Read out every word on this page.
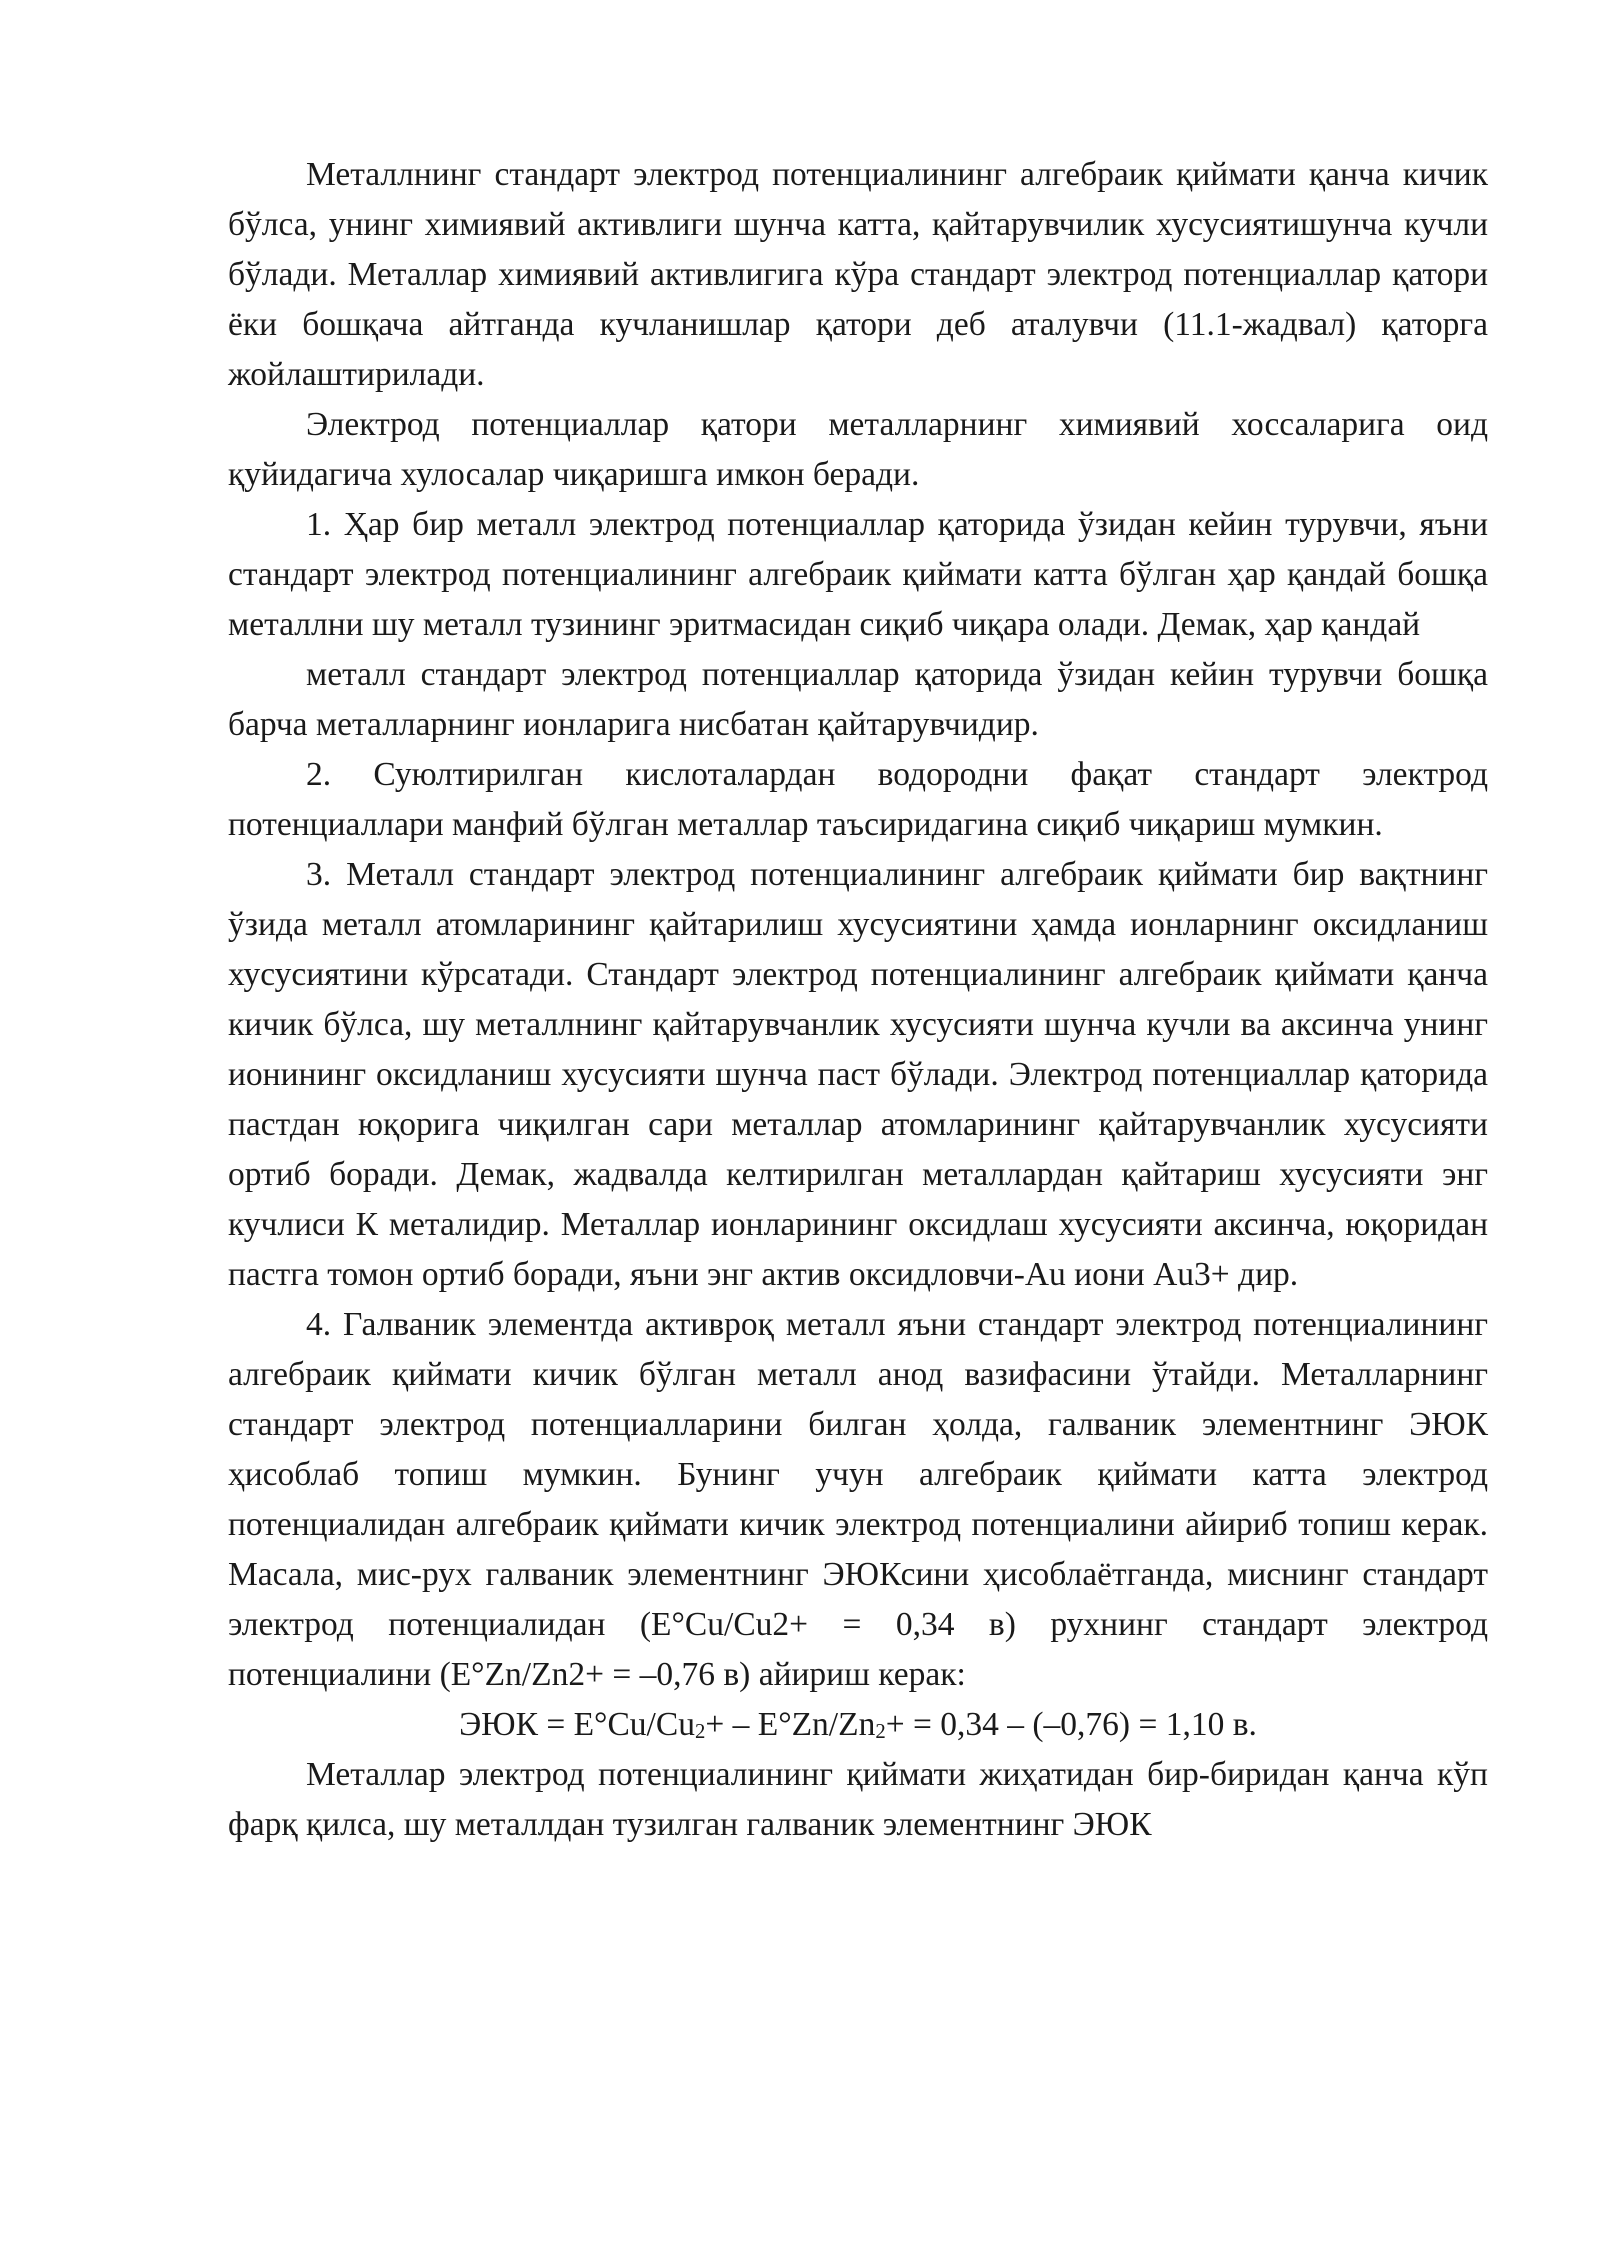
Металлнинг стандарт электрод потенциалининг алгебраик қиймати қанча кичик бўлса, унинг химиявий активлиги шунча катта, қайтарувчилик хусусиятишунча кучли бўлади. Металлар химиявий активлигига кўра стандарт электрод потенциаллар қатори ёки бошқача айтганда кучланишлар қатори деб аталувчи (11.1-жадвал) қаторга жойлаштирилади.

Электрод потенциаллар қатори металларнинг химиявий хоссаларига оид қуйидагича хулосалар чиқаришга имкон беради.

1. Ҳар бир металл электрод потенциаллар қаторида ўзидан кейин турувчи, яъни стандарт электрод потенциалининг алгебраик қиймати катта бўлган ҳар қандай бошқа металлни шу металл тузининг эритмасидан сиқиб чиқара олади. Демак, ҳар қандай

металл стандарт электрод потенциаллар қаторида ўзидан кейин турувчи бошқа барча металларнинг ионларига нисбатан қайтарувчидир.

2. Суюлтирилган кислоталардан водородни фақат стандарт электрод потенциаллари манфий бўлган металлар таъсиридагина сиқиб чиқариш мумкин.

3. Металл стандарт электрод потенциалининг алгебраик қиймати бир вақтнинг ўзида металл атомларининг қайтарилиш хусусиятини ҳамда ионларнинг оксидланиш хусусиятини кўрсатади. Стандарт электрод потенциалининг алгебраик қиймати қанча кичик бўлса, шу металлнинг қайтарувчанлик хусусияти шунча кучли ва аксинча унинг ионининг оксидланиш хусусияти шунча паст бўлади. Электрод потенциаллар қаторида пастдан юқорига чиқилган сари металлар атомларининг қайтарувчанлик хусусияти ортиб боради. Демак, жадвалда келтирилган металлардан қайтариш хусусияти энг кучлиси К металидир. Металлар ионларининг оксидлаш хусусияти аксинча, юқоридан пастга томон ортиб боради, яъни энг актив оксидловчи-Au иони Au3+ дир.

4. Галваник элементда активроқ металл яъни стандарт электрод потенциалининг алгебраик қиймати кичик бўлган металл анод вазифасини ўтайди. Металларнинг стандарт электрод потенциалларини билган ҳолда, галваник элементнинг ЭЮК ҳисоблаб топиш мумкин. Бунинг учун алгебраик қиймати катта электрод потенциалидан алгебраик қиймати кичик электрод потенциалини айириб топиш керак. Масала, мис-рух галваник элементнинг ЭЮКсини ҳисоблаётганда, миснинг стандарт электрод потенциалидан (E°Cu/Cu2+ = 0,34 в) рухнинг стандарт электрод потенциалини (E°Zn/Zn2+ = –0,76 в) айириш керак:

ЭЮК = $E^\circ Cu/Cu_2+ - E^\circ Zn/Zn_2+ = 0,34 - (-0,76) = 1,10$ в.

Металлар электрод потенциалининг қиймати жиҳатидан бир-биридан қанча кўп фарқ қилса, шу металлдан тузилган галваник элементнинг ЭЮК
